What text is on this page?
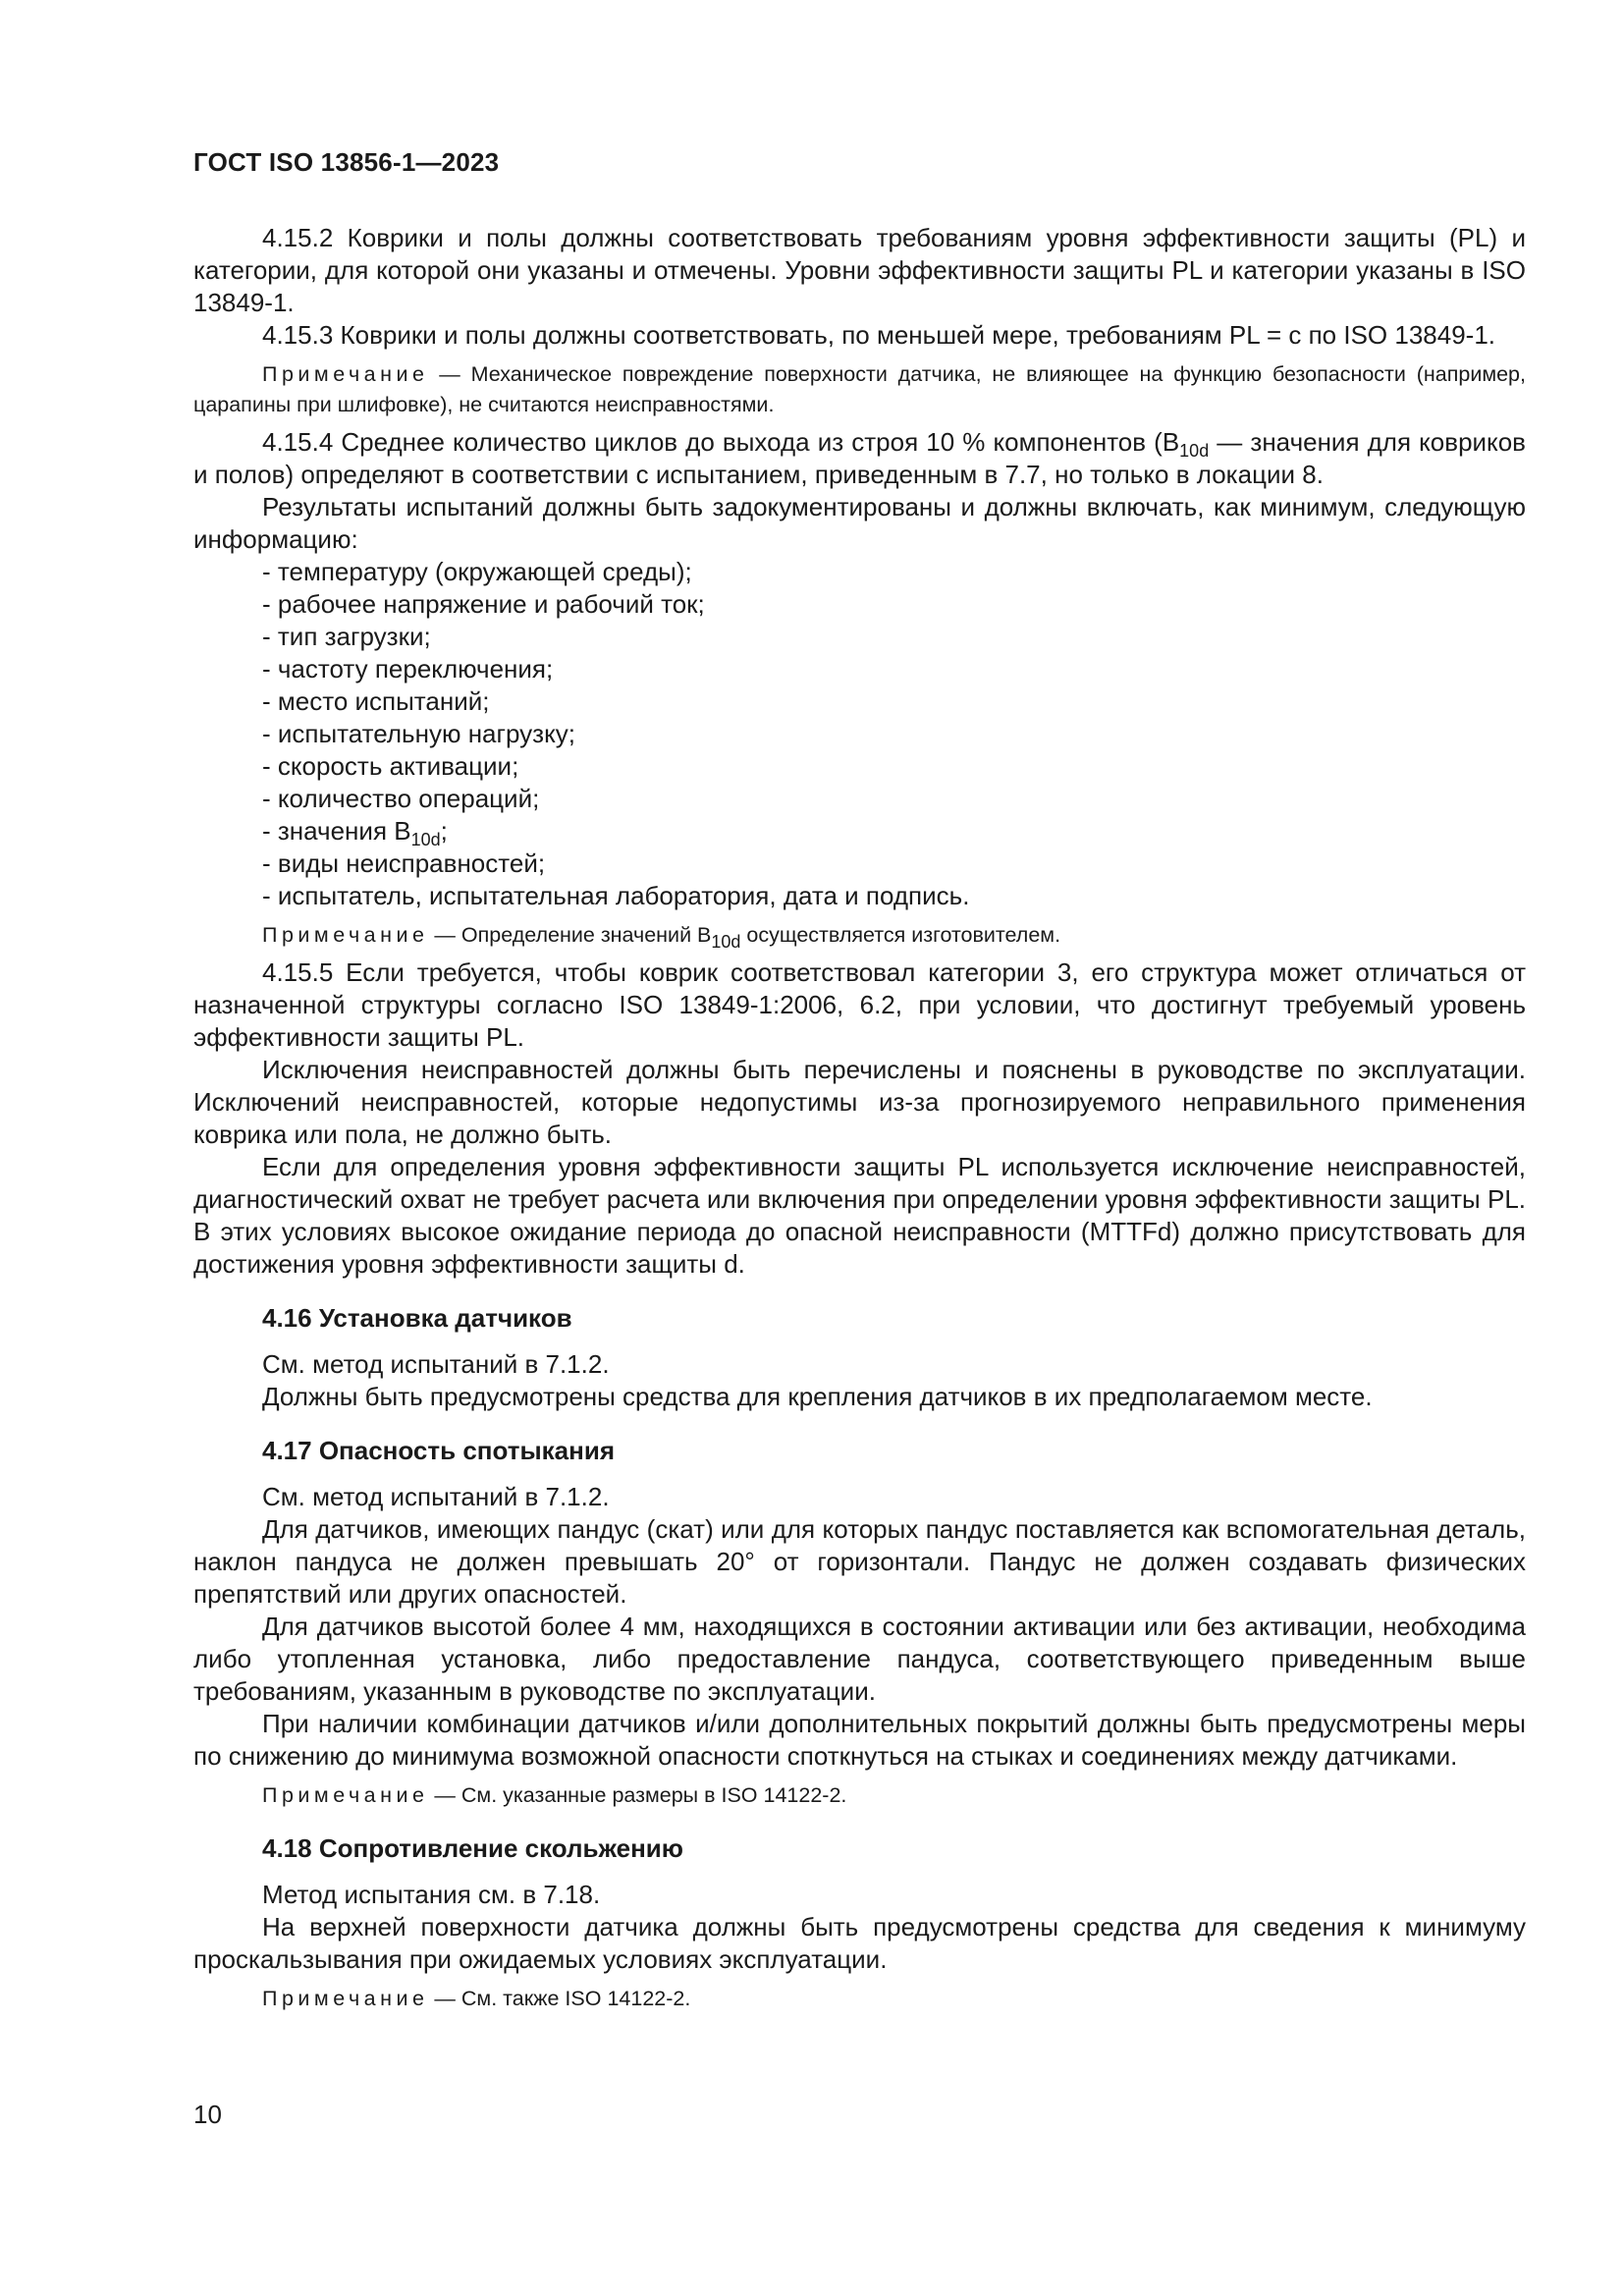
ГОСТ ISO 13856-1—2023

4.15.2 Коврики и полы должны соответствовать требованиям уровня эффективности защиты (PL) и категории, для которой они указаны и отмечены. Уровни эффективности защиты PL и категории указаны в ISO 13849-1.

4.15.3 Коврики и полы должны соответствовать, по меньшей мере, требованиям PL = с по ISO 13849-1.

Примечание — Механическое повреждение поверхности датчика, не влияющее на функцию безопасности (например, царапины при шлифовке), не считаются неисправностями.

4.15.4 Среднее количество циклов до выхода из строя 10 % компонентов ($B_{10d}$ — значения для ковриков и полов) определяют в соответствии с испытанием, приведенным в 7.7, но только в локации 8.

Результаты испытаний должны быть задокументированы и должны включать, как минимум, следующую информацию:

- температуру (окружающей среды);

- рабочее напряжение и рабочий ток;

- тип загрузки;

- частоту переключения;

- место испытаний;

- испытательную нагрузку;

- скорость активации;

- количество операций;

- значения $B_{10d}$;

- виды неисправностей;

- испытатель, испытательная лаборатория, дата и подпись.

Примечание — Определение значений $B_{10d}$ осуществляется изготовителем.

4.15.5 Если требуется, чтобы коврик соответствовал категории 3, его структура может отличаться от назначенной структуры согласно ISO 13849-1:2006, 6.2, при условии, что достигнут требуемый уровень эффективности защиты PL.

Исключения неисправностей должны быть перечислены и пояснены в руководстве по эксплуатации. Исключений неисправностей, которые недопустимы из-за прогнозируемого неправильного применения коврика или пола, не должно быть.

Если для определения уровня эффективности защиты PL используется исключение неисправностей, диагностический охват не требует расчета или включения при определении уровня эффективности защиты PL. В этих условиях высокое ожидание периода до опасной неисправности (MTTFd) должно присутствовать для достижения уровня эффективности защиты d.

4.16 Установка датчиков

См. метод испытаний в 7.1.2.

Должны быть предусмотрены средства для крепления датчиков в их предполагаемом месте.

4.17 Опасность спотыкания

См. метод испытаний в 7.1.2.

Для датчиков, имеющих пандус (скат) или для которых пандус поставляется как вспомогательная деталь, наклон пандуса не должен превышать 20° от горизонтали. Пандус не должен создавать физических препятствий или других опасностей.

Для датчиков высотой более 4 мм, находящихся в состоянии активации или без активации, необходима либо утопленная установка, либо предоставление пандуса, соответствующего приведенным выше требованиям, указанным в руководстве по эксплуатации.

При наличии комбинации датчиков и/или дополнительных покрытий должны быть предусмотрены меры по снижению до минимума возможной опасности споткнуться на стыках и соединениях между датчиками.

Примечание — См. указанные размеры в ISO 14122-2.

4.18 Сопротивление скольжению

Метод испытания см. в 7.18.

На верхней поверхности датчика должны быть предусмотрены средства для сведения к минимуму проскальзывания при ожидаемых условиях эксплуатации.

Примечание — См. также ISO 14122-2.

10
